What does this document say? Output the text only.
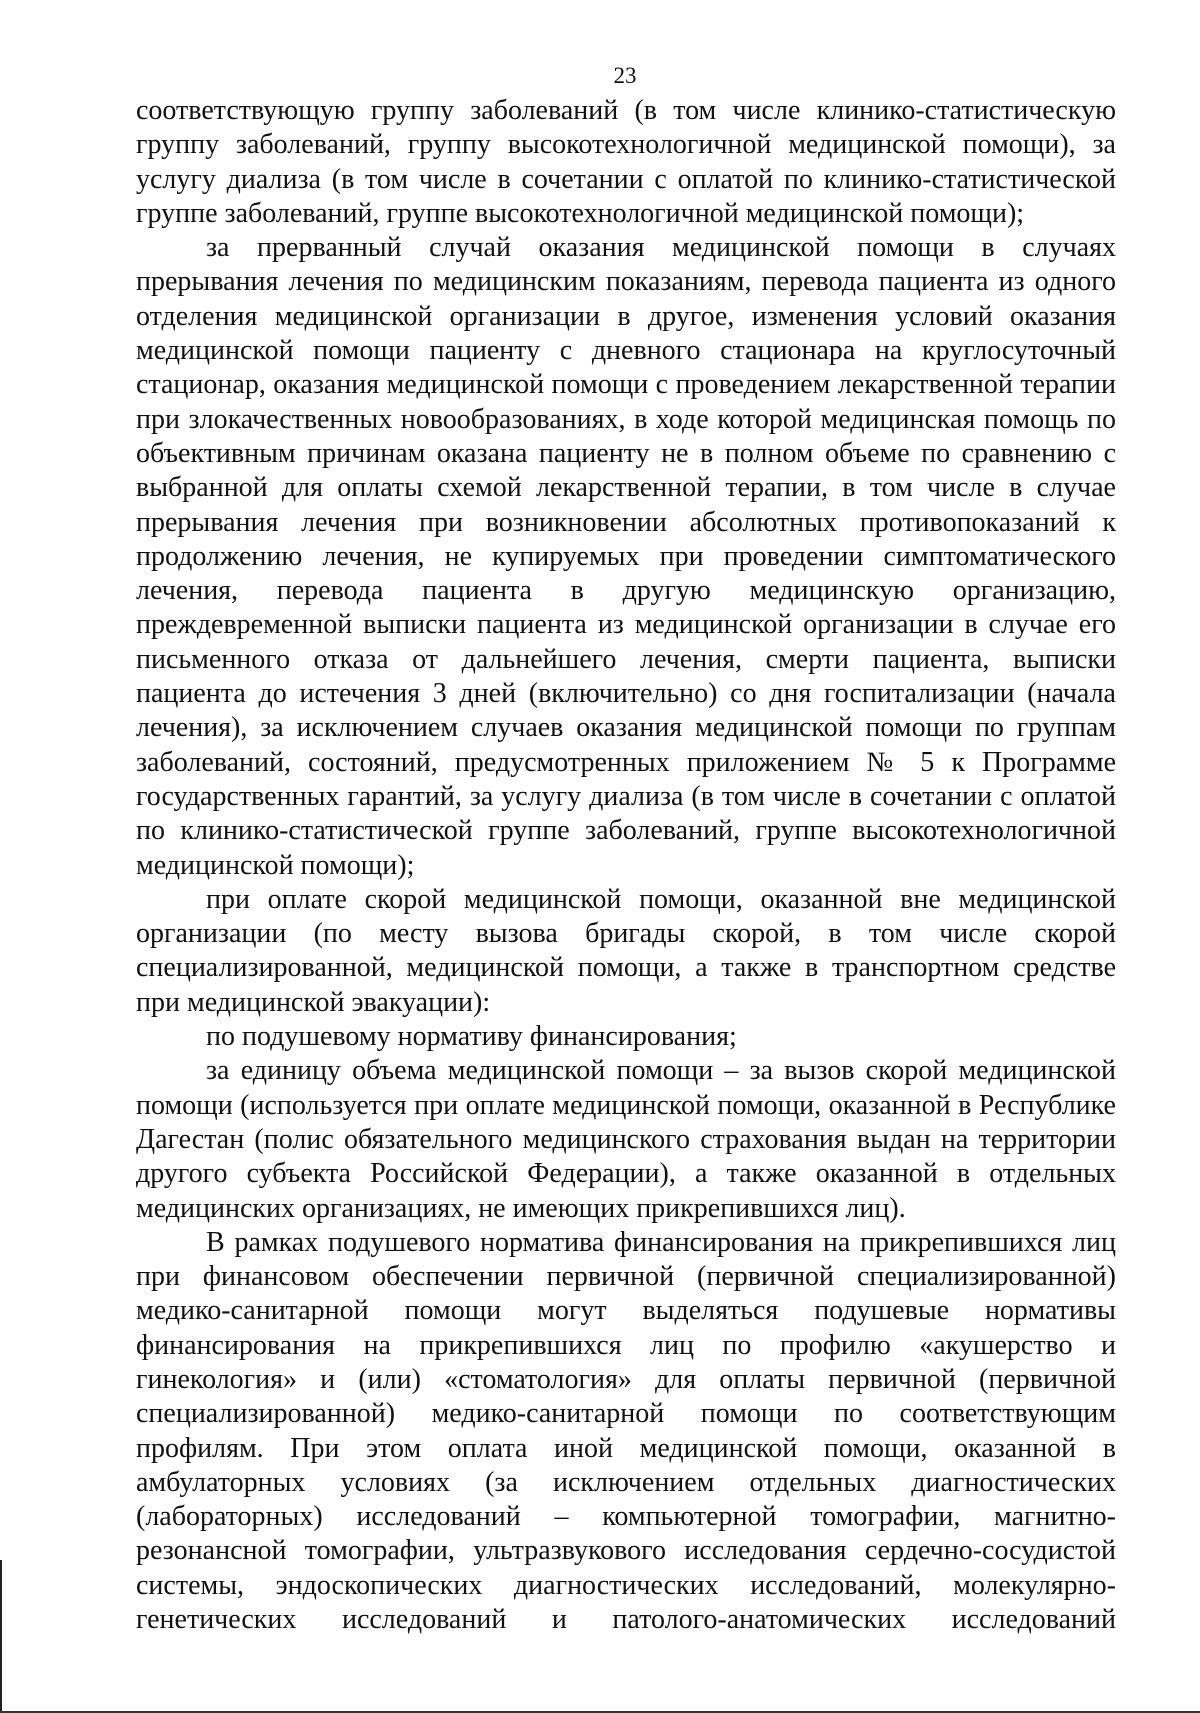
23

соответствующую группу заболеваний (в том числе клинико-статистическую группу заболеваний, группу высокотехнологичной медицинской помощи), за услугу диализа (в том числе в сочетании с оплатой по клинико-статистической группе заболеваний, группе высокотехнологичной медицинской помощи);

за прерванный случай оказания медицинской помощи в случаях прерывания лечения по медицинским показаниям, перевода пациента из одного отделения медицинской организации в другое, изменения условий оказания медицинской помощи пациенту с дневного стационара на круглосуточный стационар, оказания медицинской помощи с проведением лекарственной терапии при злокачественных новообразованиях, в ходе которой медицинская помощь по объективным причинам оказана пациенту не в полном объеме по сравнению с выбранной для оплаты схемой лекарственной терапии, в том числе в случае прерывания лечения при возникновении абсолютных противопоказаний к продолжению лечения, не купируемых при проведении симптоматического лечения, перевода пациента в другую медицинскую организацию, преждевременной выписки пациента из медицинской организации в случае его письменного отказа от дальнейшего лечения, смерти пациента, выписки пациента до истечения 3 дней (включительно) со дня госпитализации (начала лечения), за исключением случаев оказания медицинской помощи по группам заболеваний, состояний, предусмотренных приложением № 5 к Программе государственных гарантий, за услугу диализа (в том числе в сочетании с оплатой по клинико-статистической группе заболеваний, группе высокотехнологичной медицинской помощи);

при оплате скорой медицинской помощи, оказанной вне медицинской организации (по месту вызова бригады скорой, в том числе скорой специализированной, медицинской помощи, а также в транспортном средстве при медицинской эвакуации):

по подушевому нормативу финансирования;

за единицу объема медицинской помощи – за вызов скорой медицинской помощи (используется при оплате медицинской помощи, оказанной в Республике Дагестан (полис обязательного медицинского страхования выдан на территории другого субъекта Российской Федерации), а также оказанной в отдельных медицинских организациях, не имеющих прикрепившихся лиц).

В рамках подушевого норматива финансирования на прикрепившихся лиц при финансовом обеспечении первичной (первичной специализированной) медико-санитарной помощи могут выделяться подушевые нормативы финансирования на прикрепившихся лиц по профилю «акушерство и гинекология» и (или) «стоматология» для оплаты первичной (первичной специализированной) медико-санитарной помощи по соответствующим профилям. При этом оплата иной медицинской помощи, оказанной в амбулаторных условиях (за исключением отдельных диагностических (лабораторных) исследований – компьютерной томографии, магнитно-резонансной томографии, ультразвукового исследования сердечно-сосудистой системы, эндоскопических диагностических исследований, молекулярно-генетических исследований и патолого-анатомических исследований
